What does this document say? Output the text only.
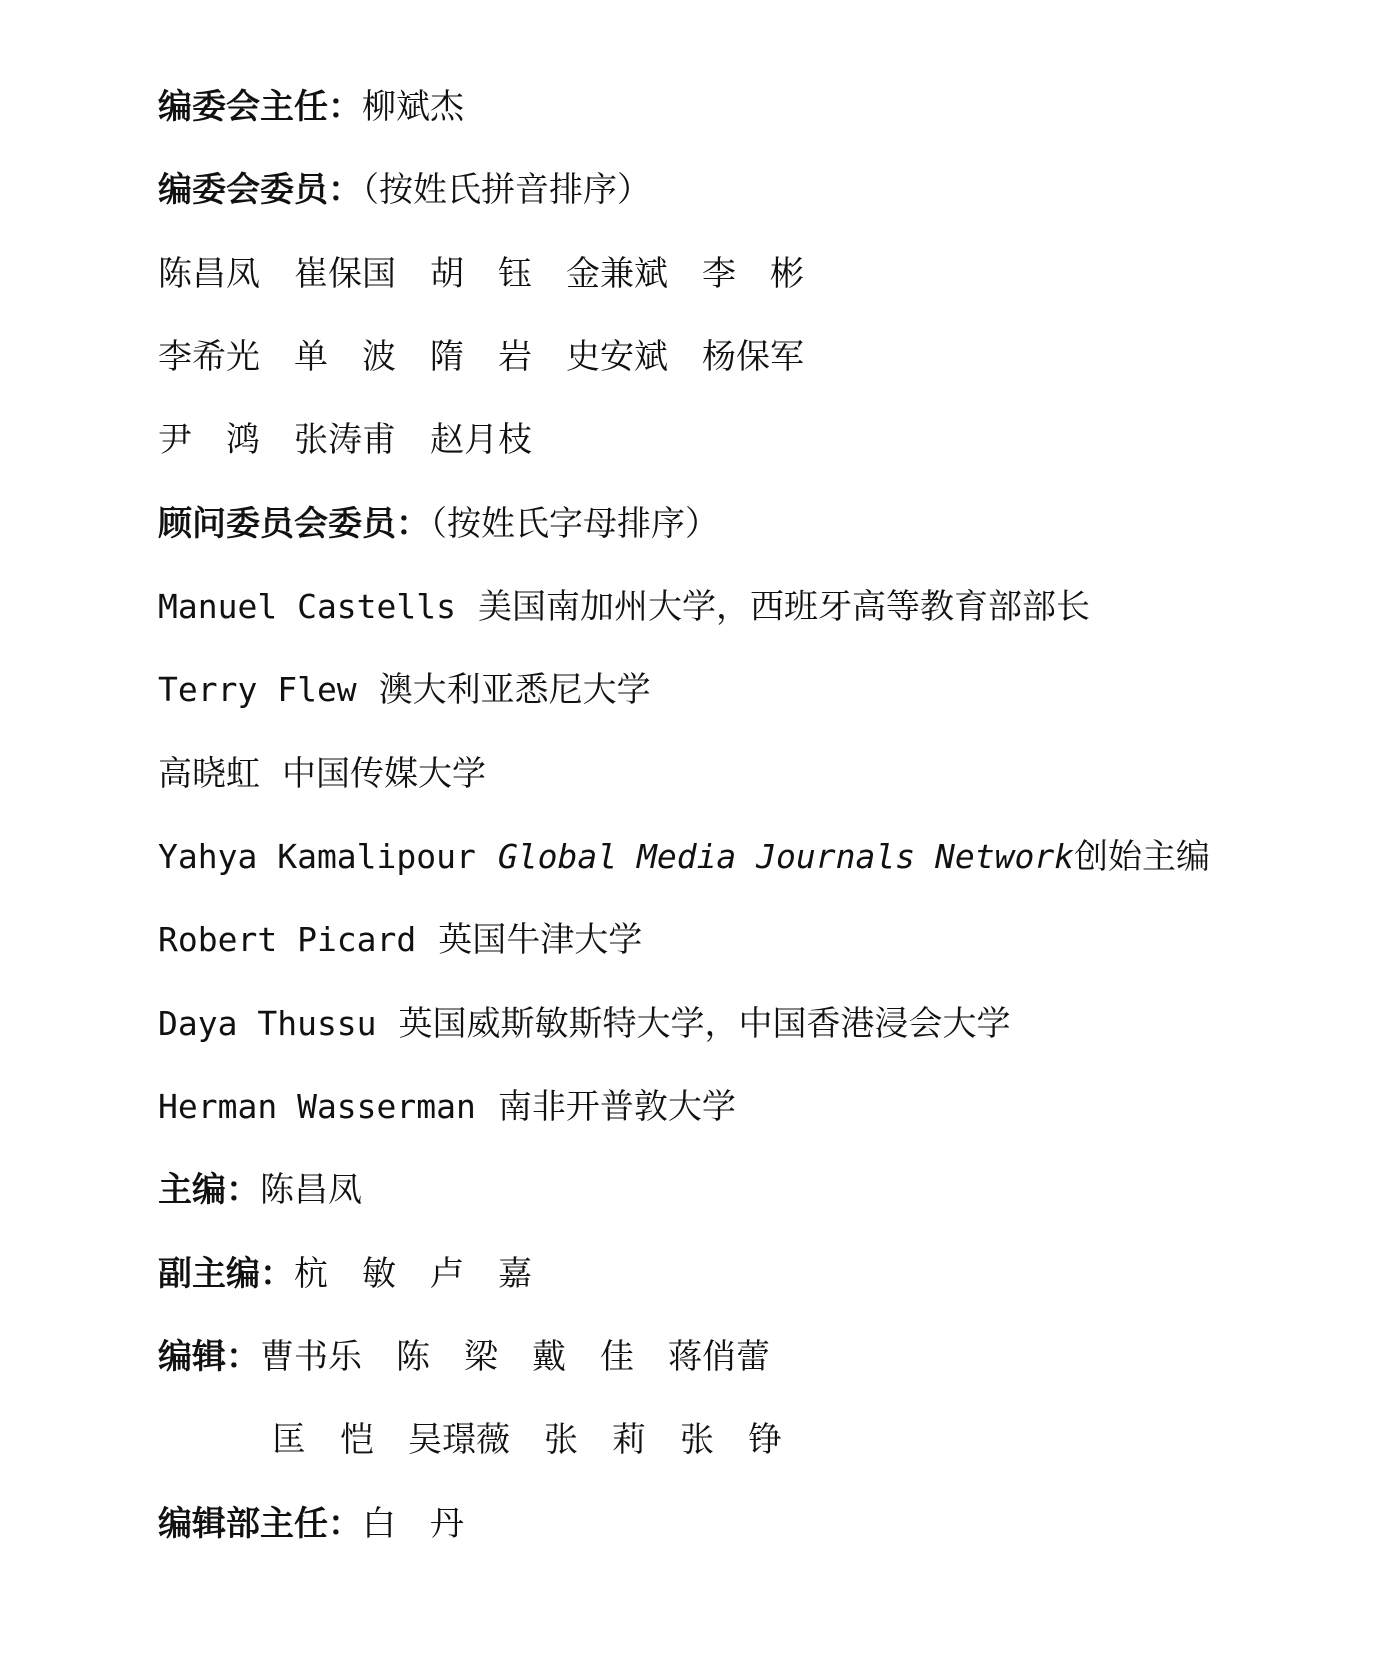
编委会主任：柳斌杰
编委会委员：（按姓氏拼音排序）
陈昌凤 崔保国 胡　钰 金兼斌 李　彬
李希光 单　波 隋　岩 史安斌 杨保军
尹　鸿 张涛甫 赵月枝
顾问委员会委员：（按姓氏字母排序）
Manuel Castells 美国南加州大学，西班牙高等教育部部长
Terry Flew 澳大利亚悉尼大学
高晓虹 中国传媒大学
Yahya Kamalipour Global Media Journals Network创始主编
Robert Picard 英国牛津大学
Daya Thussu 英国威斯敏斯特大学，中国香港浸会大学
Herman Wasserman 南非开普敦大学
主编：陈昌凤
副主编：杭　敏 卢　嘉
编辑：曹书乐 陈　梁 戴　佳 蒋俏蕾
匡　恺 吴璟薇 张　莉 张　铮
编辑部主任：白　丹
